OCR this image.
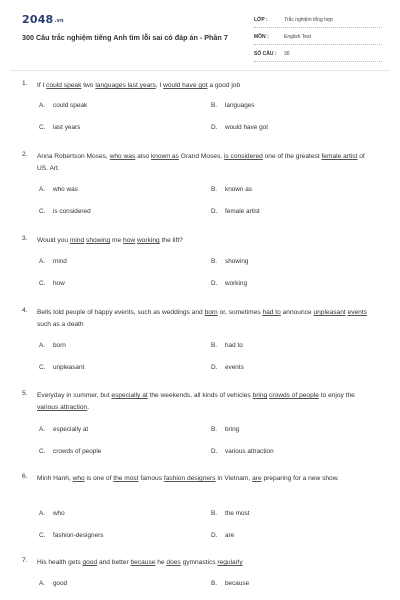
$2048^{.vn}$
300 Câu trắc nghiệm tiếng Anh tìm lỗi sai có đáp án - Phần 7
LỚP :	Trắc nghiệm tổng hợp
MÔN :	English Test
SỐ CÂU : 30
1. If I could speak two languages last years, I would have got a good job
A. could speak	B. languages
C. last years	D. would have got
2. Anna Robertson Moses, who was also known as Grand Moses, is considered one of the greatest female artist of US. Art.
A. who was	B. known as
C. is considered	D. female artist
3. Would you mind showing me how working the lift?
A. mind	B. showing
C. how	D. working
4. Bells told people of happy events, such as weddings and born or, sometimes had to announce unpleasant events such as a death
A. born	B. had to
C. unpleasant	D. events
5. Everyday in summer, but especially at the weekends, all kinds of vehicles bring crowds of people to enjoy the various attraction.
A. especially at	B. bring
C. crowds of people	D. various attraction
6. Minh Hanh, who is one of the most famous fashion designers in Vietnam, are preparing for a new show.
A. who	B. the most
C. fashion-designers	D. are
7. His health gets good and better because he does gymnastics regularly
A. good	B. because
